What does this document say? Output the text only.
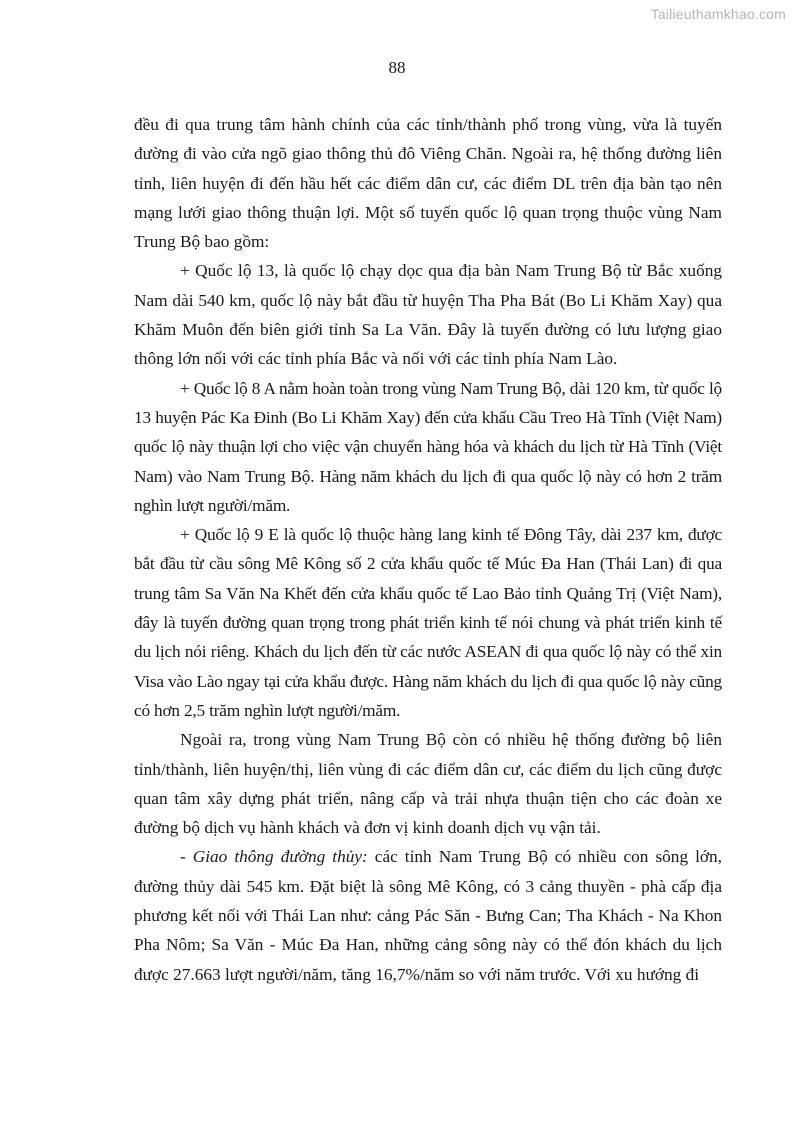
Tailieuthamkhao.com
88

đều đi qua trung tâm hành chính của các tỉnh/thành phố trong vùng, vừa là tuyến đường đi vào cửa ngõ giao thông thủ đô Viêng Chăn. Ngoài ra, hệ thống đường liên tỉnh, liên huyện đi đến hầu hết các điểm dân cư, các điểm DL trên địa bàn tạo nên mạng lưới giao thông thuận lợi. Một số tuyến quốc lộ quan trọng thuộc vùng Nam Trung Bộ bao gồm:

+ Quốc lộ 13, là quốc lộ chạy dọc qua địa bàn Nam Trung Bộ từ Bắc xuống Nam dài 540 km, quốc lộ này bắt đầu từ huyện Tha Pha Bát (Bo Li Khăm Xay) qua Khăm Muôn đến biên giới tỉnh Sa La Văn. Đây là tuyến đường có lưu lượng giao thông lớn nối với các tỉnh phía Bắc và nối với các tỉnh phía Nam Lào.

+ Quốc lộ 8 A nằm hoàn toàn trong vùng Nam Trung Bộ, dài 120 km, từ quốc lộ 13 huyện Pác Ka Đinh (Bo Li Khăm Xay) đến cửa khẩu Cầu Treo Hà Tĩnh (Việt Nam) quốc lộ này thuận lợi cho việc vận chuyển hàng hóa và khách du lịch từ Hà Tĩnh (Việt Nam) vào Nam Trung Bộ. Hàng năm khách du lịch đi qua quốc lộ này có hơn 2 trăm nghìn lượt người/măm.

+ Quốc lộ 9 E là quốc lộ thuộc hàng lang kinh tế Đông Tây, dài 237 km, được bắt đầu từ cầu sông Mê Kông số 2 cửa khẩu quốc tế Múc Đa Han (Thái Lan) đi qua trung tâm Sa Văn Na Khết đến cửa khẩu quốc tế Lao Bảo tỉnh Quảng Trị (Việt Nam), đây là tuyến đường quan trọng trong phát triển kinh tế nói chung và phát triển kinh tế du lịch nói riêng. Khách du lịch đến từ các nước ASEAN đi qua quốc lộ này có thể xin Visa vào Lào ngay tại cửa khẩu được. Hàng năm khách du lịch đi qua quốc lộ này cũng có hơn 2,5 trăm nghìn lượt người/măm.

Ngoài ra, trong vùng Nam Trung Bộ còn có nhiều hệ thống đường bộ liên tỉnh/thành, liên huyện/thị, liên vùng đi các điểm dân cư, các điểm du lịch cũng được quan tâm xây dựng phát triển, nâng cấp và trải nhựa thuận tiện cho các đoàn xe đường bộ dịch vụ hành khách và đơn vị kinh doanh dịch vụ vận tải.

- Giao thông đường thủy: các tỉnh Nam Trung Bộ có nhiều con sông lớn, đường thủy dài 545 km. Đặt biệt là sông Mê Kông, có 3 cảng thuyền - phà cấp địa phương kết nối với Thái Lan như: cảng Pác Săn - Bưng Can; Tha Khách - Na Khon Pha Nôm; Sa Văn - Múc Đa Han, những cảng sông này có thể đón khách du lịch được 27.663 lượt người/năm, tăng 16,7%/năm so với năm trước. Với xu hướng đi
